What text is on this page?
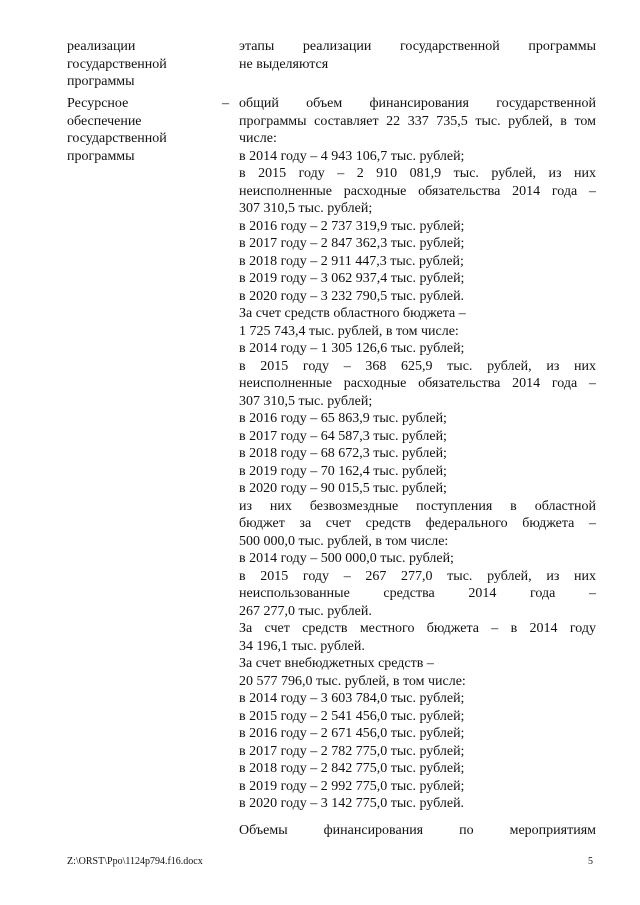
реализации
государственной
программы
этапы реализации государственной программы
не выделяются
Ресурсное
обеспечение
государственной
программы
– общий объем финансирования государственной
программы составляет 22 337 735,5 тыс. рублей, в том
числе:
в 2014 году – 4 943 106,7 тыс. рублей;
в 2015 году – 2 910 081,9 тыс. рублей, из них
неисполненные расходные обязательства 2014 года –
307 310,5 тыс. рублей;
в 2016 году – 2 737 319,9 тыс. рублей;
в 2017 году – 2 847 362,3 тыс. рублей;
в 2018 году – 2 911 447,3 тыс. рублей;
в 2019 году – 3 062 937,4 тыс. рублей;
в 2020 году – 3 232 790,5 тыс. рублей.
За счет средств областного бюджета –
1 725 743,4 тыс. рублей, в том числе:
в 2014 году – 1 305 126,6 тыс. рублей;
в 2015 году – 368 625,9 тыс. рублей, из них
неисполненные расходные обязательства 2014 года –
307 310,5 тыс. рублей;
в 2016 году – 65 863,9 тыс. рублей;
в 2017 году – 64 587,3 тыс. рублей;
в 2018 году – 68 672,3 тыс. рублей;
в 2019 году – 70 162,4 тыс. рублей;
в 2020 году – 90 015,5 тыс. рублей;
из них безвозмездные поступления в областной
бюджет за счет средств федерального бюджета –
500 000,0 тыс. рублей, в том числе:
в 2014 году – 500 000,0 тыс. рублей;
в 2015 году – 267 277,0 тыс. рублей, из них
неиспользованные средства 2014 года –
267 277,0 тыс. рублей.
За счет средств местного бюджета – в 2014 году
34 196,1 тыс. рублей.
За счет внебюджетных средств –
20 577 796,0 тыс. рублей, в том числе:
в 2014 году – 3 603 784,0 тыс. рублей;
в 2015 году – 2 541 456,0 тыс. рублей;
в 2016 году – 2 671 456,0 тыс. рублей;
в 2017 году – 2 782 775,0 тыс. рублей;
в 2018 году – 2 842 775,0 тыс. рублей;
в 2019 году – 2 992 775,0 тыс. рублей;
в 2020 году – 3 142 775,0 тыс. рублей.
Объемы финансирования по мероприятиям
Z:\ORST\Ppo\1124p794.f16.docx	5
